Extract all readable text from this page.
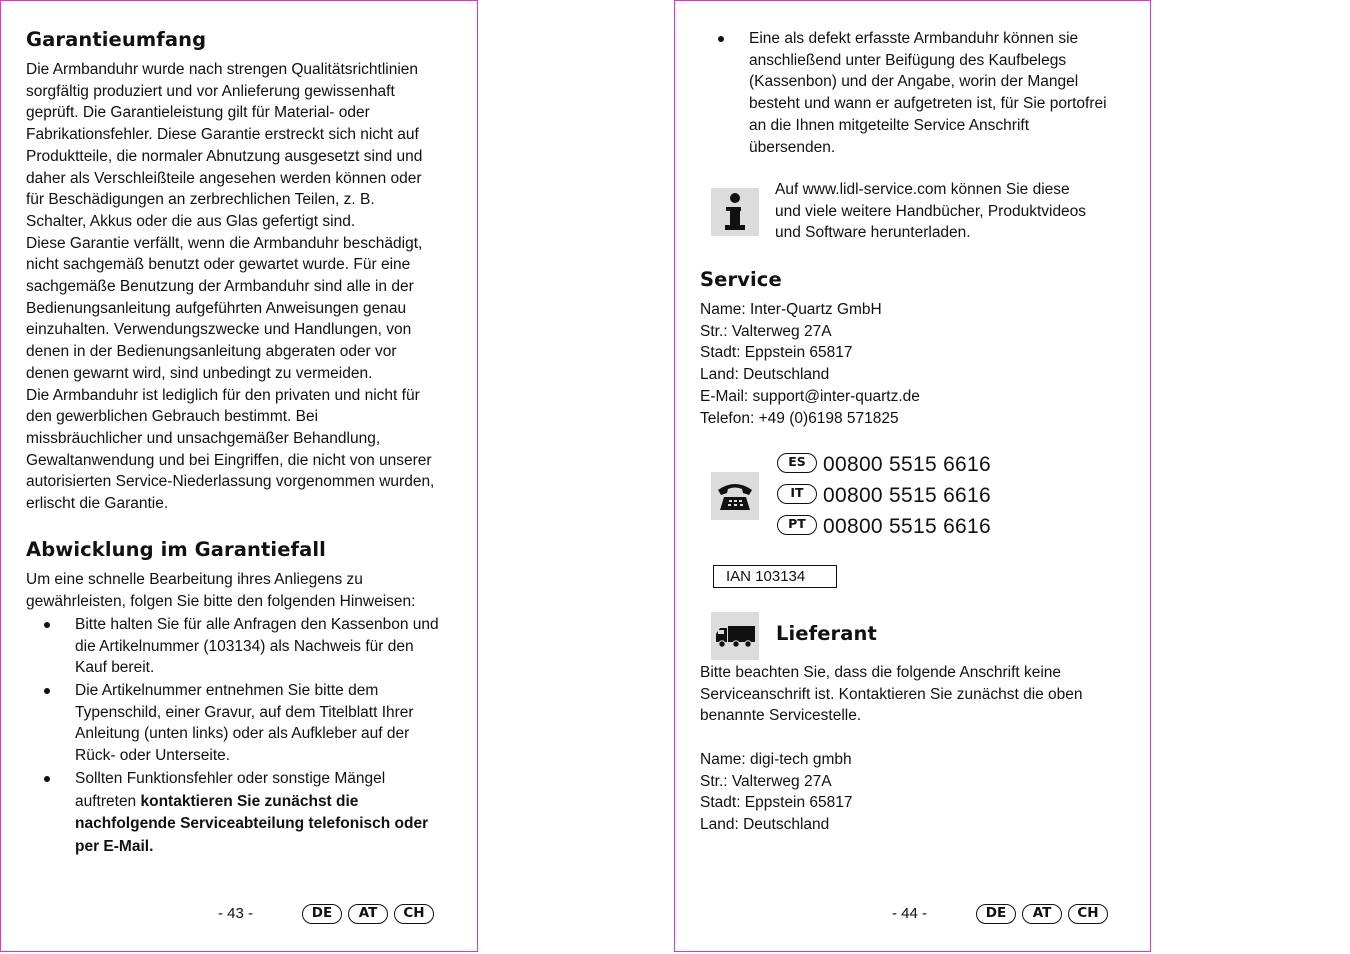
Garantieumfang
Die Armbanduhr wurde nach strengen Qualitätsrichtlinien
sorgfältig produziert und vor Anlieferung gewissenhaft
geprüft. Die Garantieleistung gilt für Material- oder
Fabrikationsfehler. Diese Garantie erstreckt sich nicht auf
Produktteile, die normaler Abnutzung ausgesetzt sind und
daher als Verschleißteile angesehen werden können oder
für Beschädigungen an zerbrechlichen Teilen, z. B.
Schalter, Akkus oder die aus Glas gefertigt sind.
Diese Garantie verfällt, wenn die Armbanduhr beschädigt,
nicht sachgemäß benutzt oder gewartet wurde. Für eine
sachgemäße Benutzung der Armbanduhr sind alle in der
Bedienungsanleitung aufgeführten Anweisungen genau
einzuhalten. Verwendungszwecke und Handlungen, von
denen in der Bedienungsanleitung abgeraten oder vor
denen gewarnt wird, sind unbedingt zu vermeiden.
Die Armbanduhr ist lediglich für den privaten und nicht für
den gewerblichen Gebrauch bestimmt. Bei
missbräuchlicher und unsachgemäßer Behandlung,
Gewaltanwendung und bei Eingriffen, die nicht von unserer
autorisierten Service-Niederlassung vorgenommen wurden,
erlischt die Garantie.
Abwicklung im Garantiefall
Um eine schnelle Bearbeitung ihres Anliegens zu
gewährleisten, folgen Sie bitte den folgenden Hinweisen:
Bitte halten Sie für alle Anfragen den Kassenbon und
die Artikelnummer (103134) als Nachweis für den
Kauf bereit.
Die Artikelnummer entnehmen Sie bitte dem
Typenschild, einer Gravur, auf dem Titelblatt Ihrer
Anleitung (unten links) oder als Aufkleber auf der
Rück- oder Unterseite.
Sollten Funktionsfehler oder sonstige Mängel
auftreten kontaktieren Sie zunächst die
nachfolgende Serviceabteilung telefonisch oder
per E-Mail.
- 43 -	DE	AT	CH
Eine als defekt erfasste Armbanduhr können sie
anschließend unter Beifügung des Kaufbelegs
(Kassenbon) und der Angabe, worin der Mangel
besteht und wann er aufgetreten ist, für Sie portofrei
an die Ihnen mitgeteilte Service Anschrift
übersenden.
Auf www.lidl-service.com können Sie diese
und viele weitere Handbücher, Produktvideos
und Software herunterladen.
Service
Name: Inter-Quartz GmbH
Str.: Valterweg 27A
Stadt: Eppstein 65817
Land: Deutschland
E-Mail: support@inter-quartz.de
Telefon: +49 (0)6198 571825
ES 00800 5515 6616
IT 00800 5515 6616
PT 00800 5515 6616
IAN 103134
Lieferant
Bitte beachten Sie, dass die folgende Anschrift keine
Serviceanschrift ist. Kontaktieren Sie zunächst die oben
benannte Servicestelle.
Name: digi-tech gmbh
Str.: Valterweg 27A
Stadt: Eppstein 65817
Land: Deutschland
- 44 -	DE	AT	CH
